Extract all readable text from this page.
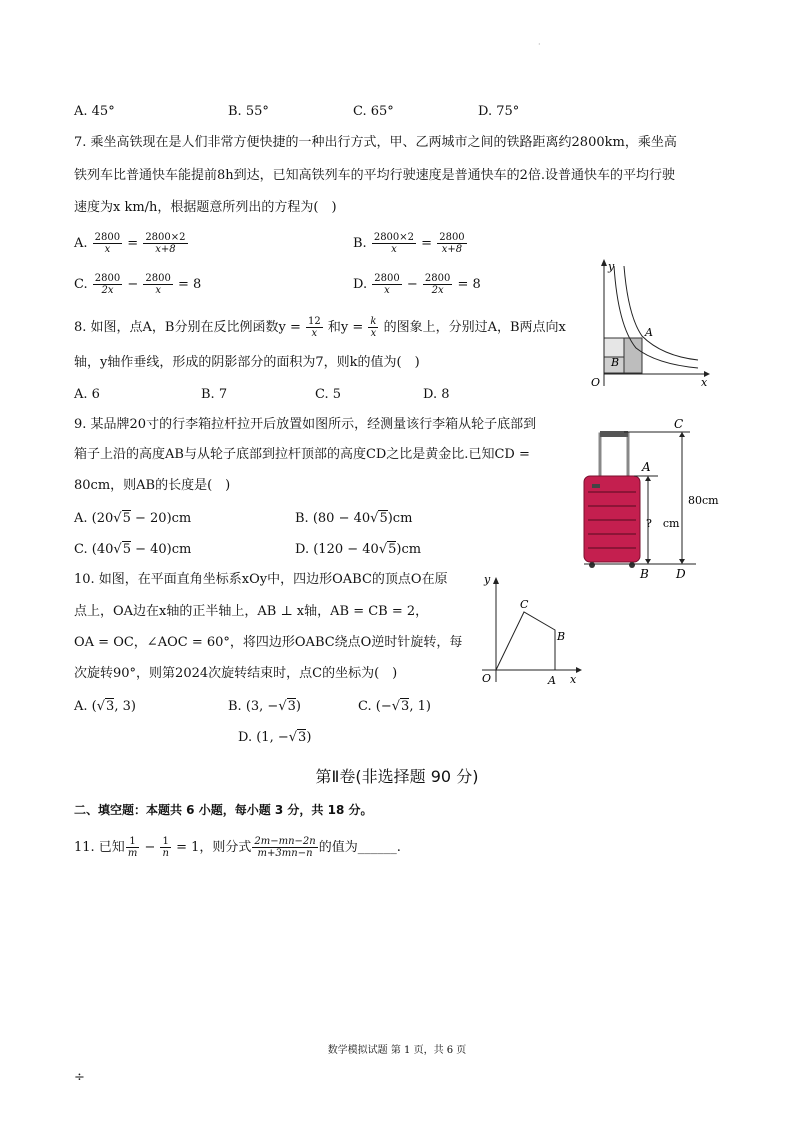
·
A. 45°	B. 55°	C. 65°	D. 75°
7. 乘坐高铁现在是人们非常方便快捷的一种出行方式，甲、乙两城市之间的铁路距离约2800km，乘坐高
铁列车比普通快车能提前8h到达，已知高铁列车的平均行驶速度是普通快车的2倍.设普通快车的平均行驶
速度为x km/h，根据题意所列出的方程为(　)
A. $\frac{2800}{x} = \frac{2800\times 2}{x+8}$	B. $\frac{2800\times 2}{x} = \frac{2800}{x+8}$
C. $\frac{2800}{2x} - \frac{2800}{x} = 8$	D. $\frac{2800}{x} - \frac{2800}{2x} = 8$
y
x
O
A
B
8. 如图，点A，B分别在反比例函数$y = \frac{12}{x}$ 和$y = \frac{k}{x}$ 的图象上，分别过A，B两点向x
轴，y轴作垂线，形成的阴影部分的面积为7，则k的值为(　)
A. 6	B. 7	C. 5	D. 8
C
A
?　cm
80cm
B D
9. 某品牌20寸的行李箱拉杆拉开后放置如图所示，经测量该行李箱从轮子底部到
箱子上沿的高度AB与从轮子底部到拉杆顶部的高度CD之比是黄金比.已知CD =
80cm，则AB的长度是(　)
A. (20√5 − 20)cm	B. (80 − 40√5)cm
C. (40√5 − 40)cm	D. (120 − 40√5)cm
y
x
O	A
B
C
10. 如图，在平面直角坐标系xOy中，四边形OABC的顶点O在原
点上，OA边在x轴的正半轴上，AB ⊥ x轴，AB = CB = 2，
OA = OC，∠AOC = 60°，将四边形OABC绕点O逆时针旋转，每
次旋转90°，则第2024次旋转结束时，点C的坐标为(　)
A. (√3, 3)	B. (3, −√3)	C. (−√3, 1)
D. (1, −√3)
第Ⅱ卷(非选择题 90 分)
二、填空题：本题共 6 小题，每小题 3 分，共 18 分。
11. 已知 $\frac{1}{m} - \frac{1}{n} = 1$，则分式 $\frac{2m-mn-2n}{m+3mn-n}$ 的值为______.
数学模拟试题 第 1 页，共 6 页
÷
